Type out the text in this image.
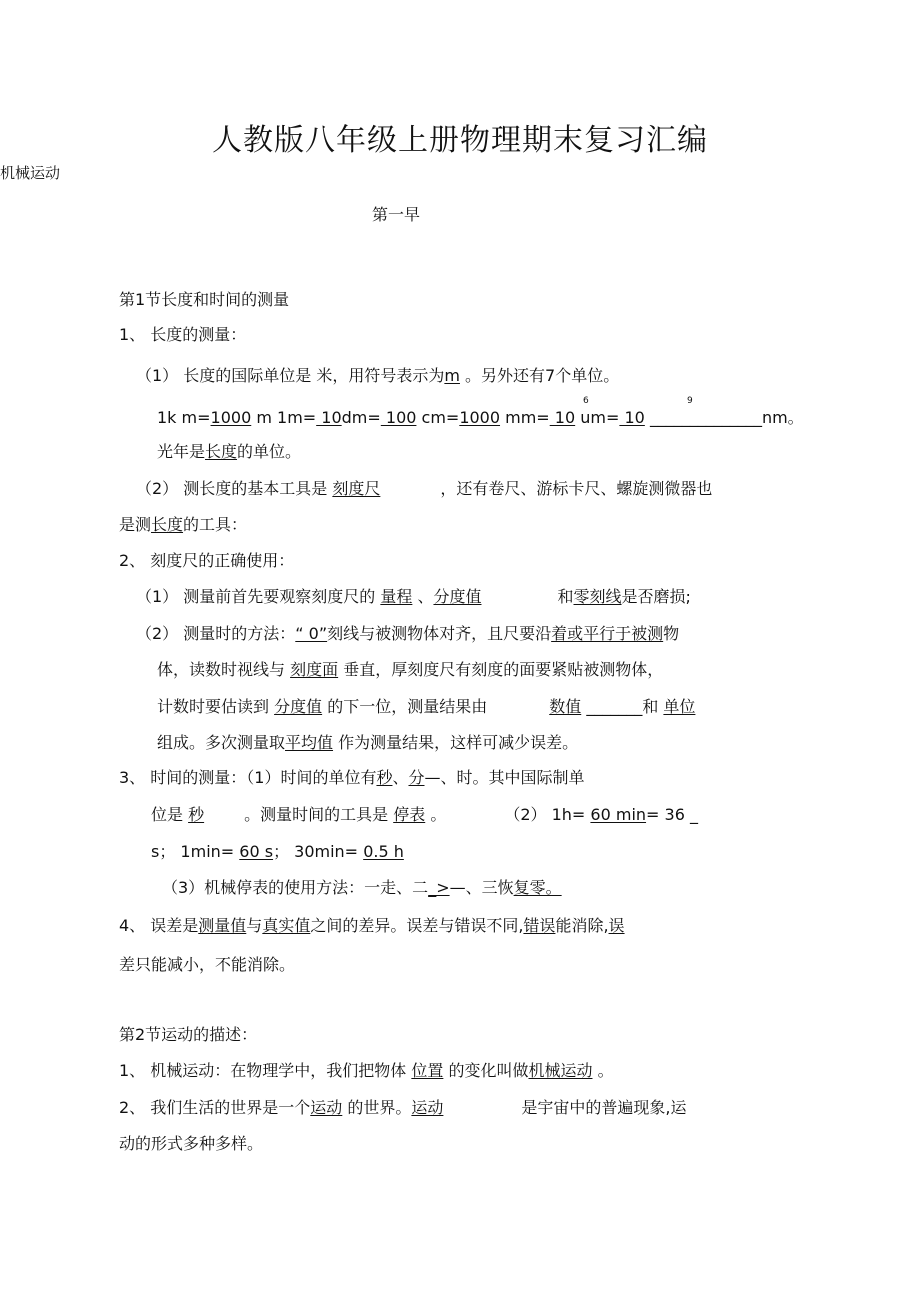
人教版八年级上册物理期末复习汇编
机械运动
第一早
第1节长度和时间的测量
1、 长度的测量：
（1） 长度的国际单位是 米，用符号表示为m 。另外还有7个单位。
6	9
1k m=1000 m 1m= 10dm= 100 cm=1000 mm= 10 um= 10 ______________nm。
光年是长度的单位。
（2） 测长度的基本工具是 刻度尺	，还有卷尺、游标卡尺、螺旋测微器也
是测长度的工具：
2、 刻度尺的正确使用：
（1） 测量前首先要观察刻度尺的 量程 、分度值	和零刻线是否磨损;
（2） 测量时的方法：“ 0”刻线与被测物体对齐，且尺要沿着或平行于被测物
体，读数时视线与 刻度面 垂直，厚刻度尺有刻度的面要紧贴被测物体，
计数时要估读到 分度值 的下一位，测量结果由	数值 _______和 单位
组成。多次测量取平均值 作为测量结果，这样可减少误差。
3、 时间的测量：（1）时间的单位有秒、分—、时。其中国际制单
位是 秒	。测量时间的工具是 停表 。	（2） 1h= 60 min= 36 _
s； 1min= 60 s； 30min= 0.5 h
（3）机械停表的使用方法：一走、二_>—、三恢复零。
4、 误差是测量值与真实值之间的差异。误差与错误不同,错误能消除,误
差只能减小，不能消除。
第2节运动的描述：
1、 机械运动：在物理学中，我们把物体 位置 的变化叫做机械运动 。
2、 我们生活的世界是一个运动 的世界。运动	是宇宙中的普遍现象,运
动的形式多种多样。
